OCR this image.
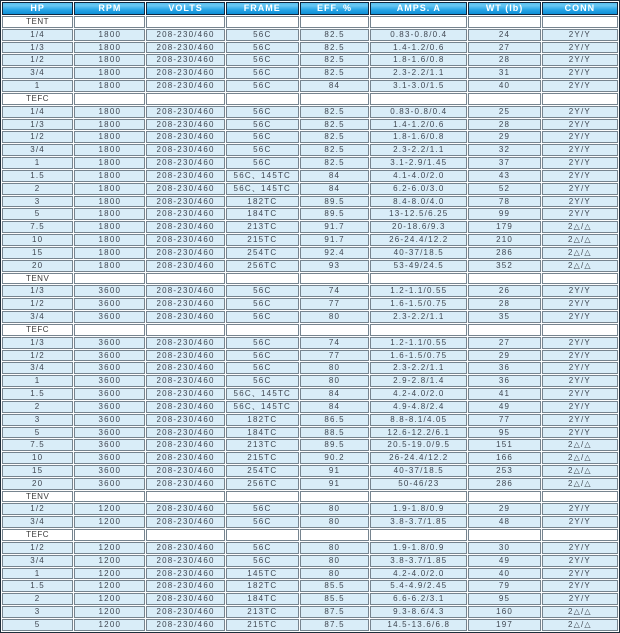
HP	RPM	VOLTS	FRAME	EFF. %	AMPS. A	WT (lb)	CONN
TENT							
1/4	1800	208-230/460	56C	82.5	0.83-0.8/0.4	24	2Y/Y
1/3	1800	208-230/460	56C	82.5	1.4-1.2/0.6	27	2Y/Y
1/2	1800	208-230/460	56C	82.5	1.8-1.6/0.8	28	2Y/Y
3/4	1800	208-230/460	56C	82.5	2.3-2.2/1.1	31	2Y/Y
1	1800	208-230/460	56C	84	3.1-3.0/1.5	40	2Y/Y
TEFC							
1/4	1800	208-230/460	56C	82.5	0.83-0.8/0.4	25	2Y/Y
1/3	1800	208-230/460	56C	82.5	1.4-1.2/0.6	28	2Y/Y
1/2	1800	208-230/460	56C	82.5	1.8-1.6/0.8	29	2Y/Y
3/4	1800	208-230/460	56C	82.5	2.3-2.2/1.1	32	2Y/Y
1	1800	208-230/460	56C	82.5	3.1-2.9/1.45	37	2Y/Y
1.5	1800	208-230/460	56C、145TC	84	4.1-4.0/2.0	43	2Y/Y
2	1800	208-230/460	56C、145TC	84	6.2-6.0/3.0	52	2Y/Y
3	1800	208-230/460	182TC	89.5	8.4-8.0/4.0	78	2Y/Y
5	1800	208-230/460	184TC	89.5	13-12.5/6.25	99	2Y/Y
7.5	1800	208-230/460	213TC	91.7	20-18.6/9.3	179	2△/△
10	1800	208-230/460	215TC	91.7	26-24.4/12.2	210	2△/△
15	1800	208-230/460	254TC	92.4	40-37/18.5	286	2△/△
20	1800	208-230/460	256TC	93	53-49/24.5	352	2△/△
TENV							
1/3	3600	208-230/460	56C	74	1.2-1.1/0.55	26	2Y/Y
1/2	3600	208-230/460	56C	77	1.6-1.5/0.75	28	2Y/Y
3/4	3600	208-230/460	56C	80	2.3-2.2/1.1	35	2Y/Y
TEFC							
1/3	3600	208-230/460	56C	74	1.2-1.1/0.55	27	2Y/Y
1/2	3600	208-230/460	56C	77	1.6-1.5/0.75	29	2Y/Y
3/4	3600	208-230/460	56C	80	2.3-2.2/1.1	36	2Y/Y
1	3600	208-230/460	56C	80	2.9-2.8/1.4	36	2Y/Y
1.5	3600	208-230/460	56C、145TC	84	4.2-4.0/2.0	41	2Y/Y
2	3600	208-230/460	56C、145TC	84	4.9-4.8/2.4	49	2Y/Y
3	3600	208-230/460	182TC	86.5	8.8-8.1/4.05	77	2Y/Y
5	3600	208-230/460	184TC	88.5	12.6-12.2/6.1	95	2Y/Y
7.5	3600	208-230/460	213TC	89.5	20.5-19.0/9.5	151	2△/△
10	3600	208-230/460	215TC	90.2	26-24.4/12.2	166	2△/△
15	3600	208-230/460	254TC	91	40-37/18.5	253	2△/△
20	3600	208-230/460	256TC	91	50-46/23	286	2△/△
TENV							
1/2	1200	208-230/460	56C	80	1.9-1.8/0.9	29	2Y/Y
3/4	1200	208-230/460	56C	80	3.8-3.7/1.85	48	2Y/Y
TEFC							
1/2	1200	208-230/460	56C	80	1.9-1.8/0.9	30	2Y/Y
3/4	1200	208-230/460	56C	80	3.8-3.7/1.85	49	2Y/Y
1	1200	208-230/460	145TC	80	4.2-4.0/2.0	40	2Y/Y
1.5	1200	208-230/460	182TC	85.5	5.4-4.9/2.45	79	2Y/Y
2	1200	208-230/460	184TC	85.5	6.6-6.2/3.1	95	2Y/Y
3	1200	208-230/460	213TC	87.5	9.3-8.6/4.3	160	2△/△
5	1200	208-230/460	215TC	87.5	14.5-13.6/6.8	197	2△/△
